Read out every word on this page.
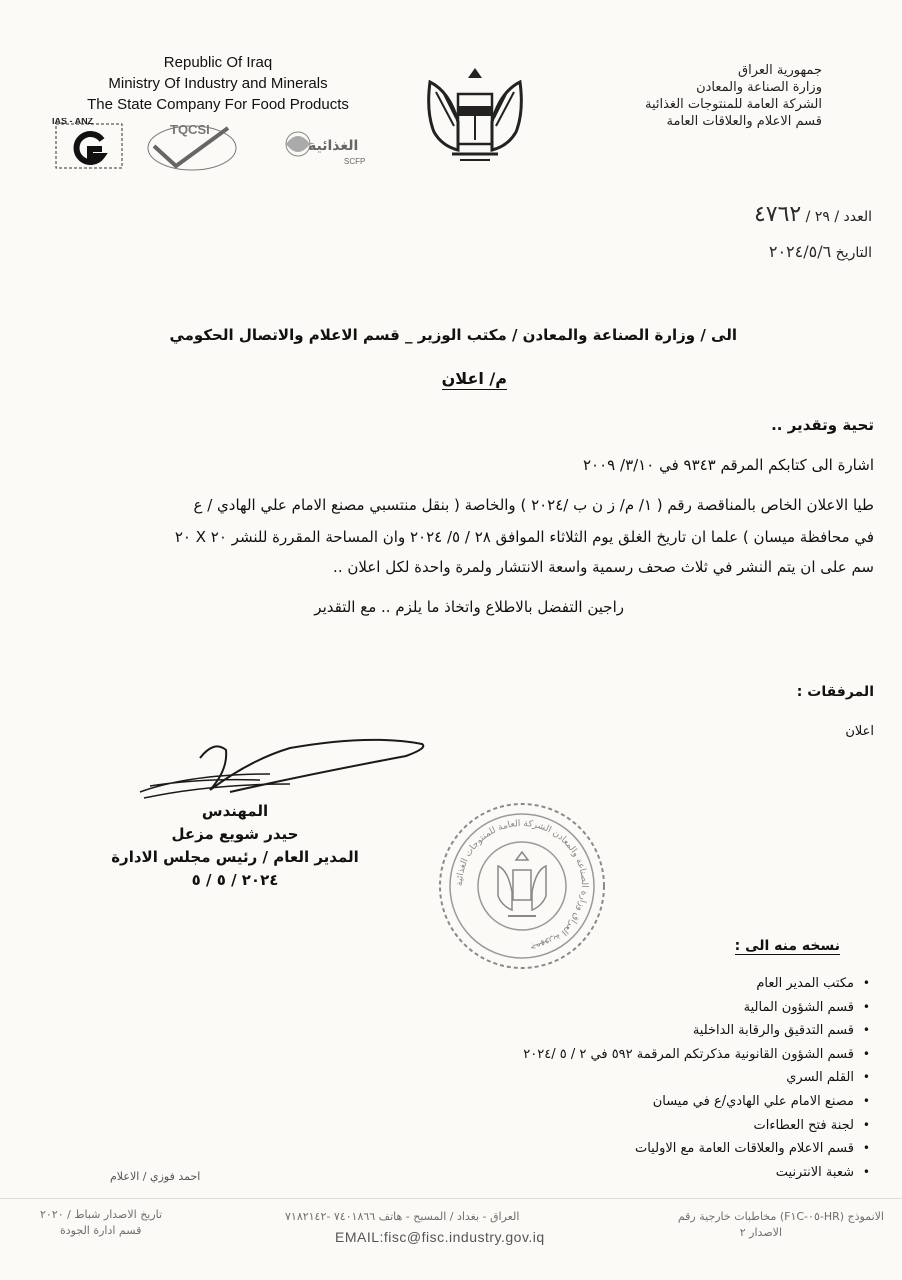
Republic Of Iraq
Ministry Of Industry and Minerals
The State Company For Food Products
IAS - ANZ
TQCSI
الغذائية
SCFP
جمهورية العراق
وزارة الصناعة والمعادن
الشركة العامة للمنتوجات الغذائية
قسم الاعلام والعلاقات العامة
العدد / ٢٩ / ٤٧٦٢
التاريخ ٢٠٢٤/٥/٦
الى / وزارة الصناعة والمعادن / مكتب الوزير _ قسم الاعلام والاتصال الحكومي
م/ اعلان
تحية وتقدير ..
اشارة الى كتابكم المرقم ٩٣٤٣ في ٣/١٠/ ٢٠٠٩
طيا الاعلان الخاص بالمناقصة رقم ( ١/ م/ ز ن ب /٢٠٢٤ ) والخاصة ( بنقل منتسبي مصنع الامام علي الهادي / ع
في محافظة ميسان ) علما ان تاريخ الغلق يوم الثلاثاء الموافق ٢٨ / ٥/ ٢٠٢٤ وان المساحة المقررة للنشر ٢٠ X ٢٠
سم على ان يتم النشر في ثلاث صحف رسمية واسعة الانتشار ولمرة واحدة لكل اعلان ..
راجين التفضل بالاطلاع واتخاذ ما يلزم .. مع التقدير
المرفقات :
اعلان
المهندس
حيدر شويع مزعل
المدير العام / رئيس مجلس الادارة
٢٠٢٤ / ٥ / ٥	جمهورية العراق وزارة الصناعة والمعادن الشركة العامة للمنتوجات الغذائية	نسخه منه الى :
• مكتب المدير العام
• قسم الشؤون المالية
• قسم التدقيق والرقابة الداخلية
• قسم الشؤون القانونية مذكرتكم المرقمة ٥٩٢ في ٢ / ٥ /٢٠٢٤
• القلم السري
• مصنع الامام علي الهادي/ع في ميسان
• لجنة فتح العطاءات
• قسم الاعلام والعلاقات العامة مع الاوليات
• شعبة الانترنيت
احمد فوزي / الاعلام
تاريخ الاصدار شباط / ٢٠٢٠
قسم ادارة الجودة
العراق - بغداد / المسبح - هاتف ٧٤٠١٨٦٦ -٧١٨٢١٤٢	الانموذج (HR-٠٥-F١C) مخاطبات خارجية رقم
الاصدار ٢
EMAIL:fisc@fisc.industry.gov.iq
